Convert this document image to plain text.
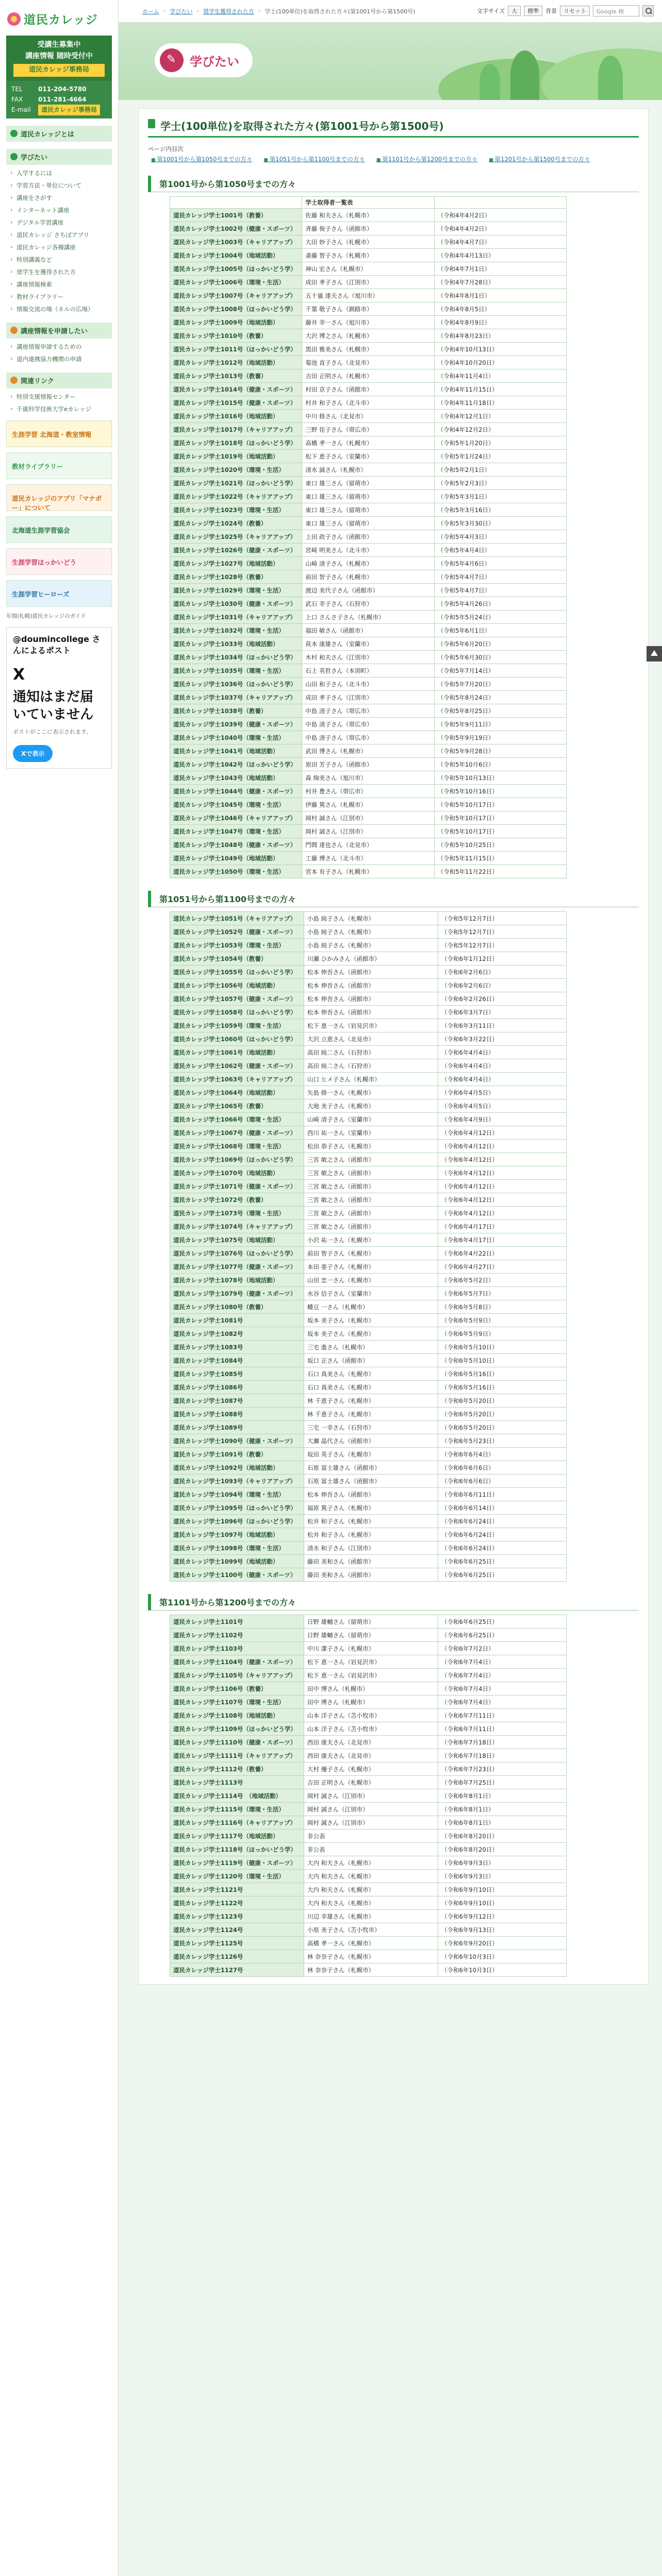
道民カレッジ
受講生募集中
講座情報 随時受付中
道民カレッジ事務局
TEL	011-204-5780
FAX	011-281-4664
E-mail	道民カレッジ事務局
道民カレッジとは
学びたい
› 入学するには
› 学習方法・単位について
› 講座をさがす
› インターネット講座
› デジタル学習講座
› 道民カレッジ さちぽアプリ
› 道民カレッジ各種講座
› 特別講義など
› 奨学生を獲得された方
› 講座情報検索
› 教材ライブラリー
› 情報交流の場（ネルの広場）
講座情報を申請したい
› 講座情報申請するための
› 道内連携協力機関の申請
関連リンク
› 特別支援情報センター
› 千歳科学技術大学eカレッジ
生涯学習 北海道・教室情報
教材ライブラリー
道民カレッジのアプリ「マナボー」について
北海道生涯学習協会
生涯学習ほっかいどう
生涯学習ヒーローズ
年間(札幌)道民カレッジのガイド
@doumincollege さんによるポスト
X
通知はまだ届いていません
ポストがここに表示されます。
Xで表示
ホーム › 学びたい › 奨学生獲得された方 › 学士(100単位)を取得された方々(第1001号から第1500号)	文字サイズ	大	標準	背景	リセット	Google 検
✎
学びたい
学士(100単位)を取得された方々(第1001号から第1500号)
ページ内目次
■ 第1001号から第1050号までの方々	■ 第1051号から第1100号までの方々	■ 第1101号から第1200号までの方々	■ 第1201号から第1500号までの方々
第1001号から第1050号までの方々
	学士取得者一覧表	
道民カレッジ学士1001号（教養）	佐藤 和夫さん（札幌市）	（令和4年4月2日）
道民カレッジ学士1002号（健康・スポーツ）	斉藤 俊子さん（函館市）	（令和4年4月2日）
道民カレッジ学士1003号（キャリアアップ）	大田 妙子さん（札幌市）	（令和4年4月7日）
道民カレッジ学士1004号（地域活動）	斎藤 智子さん（札幌市）	（令和4年4月13日）
道民カレッジ学士1005号（ほっかいどう学）	神山 宏さん（札幌市）	（令和4年7月1日）
道民カレッジ学士1006号（環境・生活）	成田 孝子さん（江別市）	（令和4年7月28日）
道民カレッジ学士1007号（キャリアアップ）	五十嵐 達夫さん（旭川市）	（令和4年8月1日）
道民カレッジ学士1008号（ほっかいどう学）	千葉 敬子さん（釧路市）	（令和4年8月5日）
道民カレッジ学士1009号（地域活動）	藤井 幸一さん（旭川市）	（令和4年8月9日）
道民カレッジ学士1010号（教養）	大沢 博之さん（札幌市）	（令和4年8月23日）
道民カレッジ学士1011号（ほっかいどう学）	黒田 雅美さん（札幌市）	（令和4年10月13日）
道民カレッジ学士1012号（地域活動）	菊池 直子さん（北見市）	（令和4年10月20日）
道民カレッジ学士1013号（教養）	吉田 正明さん（札幌市）	（令和4年11月4日）
道民カレッジ学士1014号（健康・スポーツ）	村田 京子さん（函館市）	（令和4年11月15日）
道民カレッジ学士1015号（健康・スポーツ）	村井 和子さん（北斗市）	（令和4年11月18日）
道民カレッジ学士1016号（地域活動）	中川 修さん（北見市）	（令和4年12月1日）
道民カレッジ学士1017号（キャリアアップ）	三野 佳子さん（帯広市）	（令和4年12月2日）
道民カレッジ学士1018号（ほっかいどう学）	高橋 孝一さん（札幌市）	（令和5年1月20日）
道民カレッジ学士1019号（地域活動）	松下 恵子さん（室蘭市）	（令和5年1月24日）
道民カレッジ学士1020号（環境・生活）	清水 誠さん（札幌市）	（令和5年2月1日）
道民カレッジ学士1021号（ほっかいどう学）	東口 雄三さん（留萌市）	（令和5年2月3日）
道民カレッジ学士1022号（キャリアアップ）	東口 雄三さん（留萌市）	（令和5年3月1日）
道民カレッジ学士1023号（環境・生活）	東口 雄三さん（留萌市）	（令和5年3月16日）
道民カレッジ学士1024号（教養）	東口 雄三さん（留萌市）	（令和5年3月30日）
道民カレッジ学士1025号（キャリアアップ）	上田 政子さん（函館市）	（令和5年4月3日）
道民カレッジ学士1026号（健康・スポーツ）	宮崎 明美さん（北斗市）	（令和5年4月4日）
道民カレッジ学士1027号（地域活動）	山崎 清子さん（札幌市）	（令和5年4月6日）
道民カレッジ学士1028号（教養）	前田 智子さん（札幌市）	（令和5年4月7日）
道民カレッジ学士1029号（環境・生活）	渡辺 美代子さん（函館市）	（令和5年4月7日）
道民カレッジ学士1030号（健康・スポーツ）	武石 幸子さん（石狩市）	（令和5年4月26日）
道民カレッジ学士1031号（キャリアアップ）	上口 さんさ子さん（札幌市）	（令和5年5月24日）
道民カレッジ学士1032号（環境・生活）	福田 敏さん（函館市）	（令和5年6月1日）
道民カレッジ学士1033号（地域活動）	荻本 康雄さん（室蘭市）	（令和5年6月20日）
道民カレッジ学士1034号（ほっかいどう学）	木村 和夫さん（江別市）	（令和5年6月30日）
道民カレッジ学士1035号（環境・生活）	石上 英哲さん（本別町）	（令和5年7月14日）
道民カレッジ学士1036号（ほっかいどう学）	山田 和子さん（北斗市）	（令和5年7月20日）
道民カレッジ学士1037号（キャリアアップ）	成田 孝子さん（江別市）	（令和5年8月24日）
道民カレッジ学士1038号（教養）	中島 清子さん（帯広市）	（令和5年8月25日）
道民カレッジ学士1039号（健康・スポーツ）	中島 清子さん（帯広市）	（令和5年9月11日）
道民カレッジ学士1040号（環境・生活）	中島 清子さん（帯広市）	（令和5年9月19日）
道民カレッジ学士1041号（地域活動）	武田 博さん（札幌市）	（令和5年9月28日）
道民カレッジ学士1042号（ほっかいどう学）	原田 芳子さん（函館市）	（令和5年10月6日）
道民カレッジ学士1043号（地域活動）	森 絢美さん（旭川市）	（令和5年10月13日）
道民カレッジ学士1044号（健康・スポーツ）	村井 豊さん（帯広市）	（令和5年10月16日）
道民カレッジ学士1045号（環境・生活）	伊藤 篤さん（札幌市）	（令和5年10月17日）
道民カレッジ学士1046号（キャリアアップ）	岡村 誠さん（江別市）	（令和5年10月17日）
道民カレッジ学士1047号（環境・生活）	岡村 誠さん（江別市）	（令和5年10月17日）
道民カレッジ学士1048号（健康・スポーツ）	門間 達也さん（北見市）	（令和5年10月25日）
道民カレッジ学士1049号（地域活動）	工藤 博さん（北斗市）	（令和5年11月15日）
道民カレッジ学士1050号（環境・生活）	宮本 有子さん（札幌市）	（令和5年11月22日）
第1051号から第1100号までの方々
道民カレッジ学士1051号（キャリアアップ）	小島 純子さん（札幌市）	（令和5年12月7日）
道民カレッジ学士1052号（健康・スポーツ）	小島 純子さん（札幌市）	（令和5年12月7日）
道民カレッジ学士1053号（環境・生活）	小島 純子さん（札幌市）	（令和5年12月7日）
道民カレッジ学士1054号（教養）	川瀬 ひかみさん（函館市）	（令和6年1月12日）
道民カレッジ学士1055号（ほっかいどう学）	松本 伸吾さん（函館市）	（令和6年2月6日）
道民カレッジ学士1056号（地域活動）	松本 伸吾さん（函館市）	（令和6年2月6日）
道民カレッジ学士1057号（健康・スポーツ）	松本 伸吾さん（函館市）	（令和6年2月26日）
道民カレッジ学士1058号（ほっかいどう学）	松本 伸吾さん（函館市）	（令和6年3月7日）
道民カレッジ学士1059号（環境・生活）	松下 恵一さん（岩見沢市）	（令和6年3月11日）
道民カレッジ学士1060号（ほっかいどう学）	大沢 立恵さん（北見市）	（令和6年3月22日）
道民カレッジ学士1061号（地域活動）	高田 純二さん（石狩市）	（令和6年4月4日）
道民カレッジ学士1062号（健康・スポーツ）	高田 純二さん（石狩市）	（令和6年4月4日）
道民カレッジ学士1063号（キャリアアップ）	山口 ヒメ子さん（札幌市）	（令和6年4月4日）
道民カレッジ学士1064号（地域活動）	矢島 修一さん（札幌市）	（令和6年4月5日）
道民カレッジ学士1065号（教養）	大地 美子さん（札幌市）	（令和6年4月5日）
道民カレッジ学士1066号（環境・生活）	山崎 清子さん（室蘭市）	（令和6年4月9日）
道民カレッジ学士1067号（健康・スポーツ）	西川 祐一さん（室蘭市）	（令和6年4月12日）
道民カレッジ学士1068号（環境・生活）	松田 恭子さん（札幌市）	（令和6年4月12日）
道民カレッジ学士1069号（ほっかいどう学）	三宮 敏之さん（函館市）	（令和6年4月12日）
道民カレッジ学士1070号（地域活動）	三宮 敏之さん（函館市）	（令和6年4月12日）
道民カレッジ学士1071号（健康・スポーツ）	三宮 敏之さん（函館市）	（令和6年4月12日）
道民カレッジ学士1072号（教養）	三宮 敏之さん（函館市）	（令和6年4月12日）
道民カレッジ学士1073号（環境・生活）	三宮 敏之さん（函館市）	（令和6年4月12日）
道民カレッジ学士1074号（キャリアアップ）	三宮 敏之さん（函館市）	（令和6年4月17日）
道民カレッジ学士1075号（地域活動）	小沢 祐一さん（札幌市）	（令和6年4月17日）
道民カレッジ学士1076号（ほっかいどう学）	前田 智子さん（札幌市）	（令和6年4月22日）
道民カレッジ学士1077号（健康・スポーツ）	本田 亜子さん（札幌市）	（令和6年4月27日）
道民カレッジ学士1078号（地域活動）	山田 忠一さん（札幌市）	（令和6年5月2日）
道民カレッジ学士1079号（健康・スポーツ）	水谷 信子さん（室蘭市）	（令和6年5月7日）
道民カレッジ学士1080号（教養）	幡豆 一さん（札幌市）	（令和6年5月8日）
道民カレッジ学士1081号	坂本 美子さん（札幌市）	（令和6年5月9日）
道民カレッジ学士1082号	坂本 美子さん（札幌市）	（令和6年5月9日）
道民カレッジ学士1083号	三宅 進さん（札幌市）	（令和6年5月10日）
道民カレッジ学士1084号	坂口 正さん（函館市）	（令和6年5月10日）
道民カレッジ学士1085号	石口 真美さん（札幌市）	（令和6年5月16日）
道民カレッジ学士1086号	石口 真美さん（札幌市）	（令和6年5月16日）
道民カレッジ学士1087号	林 千恵子さん（札幌市）	（令和6年5月20日）
道民カレッジ学士1088号	林 千恵子さん（札幌市）	（令和6年5月20日）
道民カレッジ学士1089号	三宅 一幸さん（石狩市）	（令和6年5月20日）
道民カレッジ学士1090号（健康・スポーツ）	大瀬 晶代さん（函館市）	（令和6年5月23日）
道民カレッジ学士1091号（教養）	坂田 英子さん（札幌市）	（令和6年6月4日）
道民カレッジ学士1092号（地域活動）	石原 富士雄さん（函館市）	（令和6年6月6日）
道民カレッジ学士1093号（キャリアアップ）	石原 富士雄さん（函館市）	（令和6年6月6日）
道民カレッジ学士1094号（環境・生活）	松本 伸吾さん（函館市）	（令和6年6月11日）
道民カレッジ学士1095号（ほっかいどう学）	福原 篤子さん（札幌市）	（令和6年6月14日）
道民カレッジ学士1096号（ほっかいどう学）	松井 和子さん（札幌市）	（令和6年6月24日）
道民カレッジ学士1097号（地域活動）	松井 和子さん（札幌市）	（令和6年6月24日）
道民カレッジ学士1098号（環境・生活）	清水 和子さん（江別市）	（令和6年6月24日）
道民カレッジ学士1099号（地域活動）	藤田 美和さん（函館市）	（令和6年6月25日）
道民カレッジ学士1100号（健康・スポーツ）	藤田 美和さん（函館市）	（令和6年6月25日）
第1101号から第1200号までの方々
道民カレッジ学士1101号	日野 雄輔さん（留萌市）	（令和6年6月25日）
道民カレッジ学士1102号	日野 雄輔さん（留萌市）	（令和6年6月25日）
道民カレッジ学士1103号	中川 潔子さん（札幌市）	（令和6年7月2日）
道民カレッジ学士1104号（健康・スポーツ）	松下 恵一さん（岩見沢市）	（令和6年7月4日）
道民カレッジ学士1105号（キャリアアップ）	松下 恵一さん（岩見沢市）	（令和6年7月4日）
道民カレッジ学士1106号（教養）	田中 博さん（札幌市）	（令和6年7月4日）
道民カレッジ学士1107号（環境・生活）	田中 博さん（札幌市）	（令和6年7月4日）
道民カレッジ学士1108号（地域活動）	山本 洋子さん（苫小牧市）	（令和6年7月11日）
道民カレッジ学士1109号（ほっかいどう学）	山本 洋子さん（苫小牧市）	（令和6年7月11日）
道民カレッジ学士1110号（健康・スポーツ）	西田 康夫さん（北見市）	（令和6年7月18日）
道民カレッジ学士1111号（キャリアアップ）	西田 康夫さん（北見市）	（令和6年7月18日）
道民カレッジ学士1112号（教養）	大村 優子さん（札幌市）	（令和6年7月23日）
道民カレッジ学士1113号	吉田 正明さん（札幌市）	（令和6年7月25日）
道民カレッジ学士1114号　（地域活動）	岡村 誠さん（江別市）	（令和6年8月1日）
道民カレッジ学士1115号（環境・生活）	岡村 誠さん（江別市）	（令和6年8月1日）
道民カレッジ学士1116号（キャリアアップ）	岡村 誠さん（江別市）	（令和6年8月1日）
道民カレッジ学士1117号（地域活動）	非公表	（令和6年8月20日）
道民カレッジ学士1118号（ほっかいどう学）	非公表	（令和6年8月20日）
道民カレッジ学士1119号（健康・スポーツ）	大内 和夫さん（札幌市）	（令和6年9月3日）
道民カレッジ学士1120号（環境・生活）	大内 和夫さん（札幌市）	（令和6年9月3日）
道民カレッジ学士1121号	大内 和夫さん（札幌市）	（令和6年9月10日）
道民カレッジ学士1122号	大内 和夫さん（札幌市）	（令和6年9月10日）
道民カレッジ学士1123号	川辺 幸雄さん（札幌市）	（令和6年9月12日）
道民カレッジ学士1124号	小原 美子さん（苫小牧市）	（令和6年9月13日）
道民カレッジ学士1125号	高橋 孝一さん（札幌市）	（令和6年9月20日）
道民カレッジ学士1126号	林 奈奈子さん（札幌市）	（令和6年10月3日）
道民カレッジ学士1127号	林 奈奈子さん（札幌市）	（令和6年10月3日）
